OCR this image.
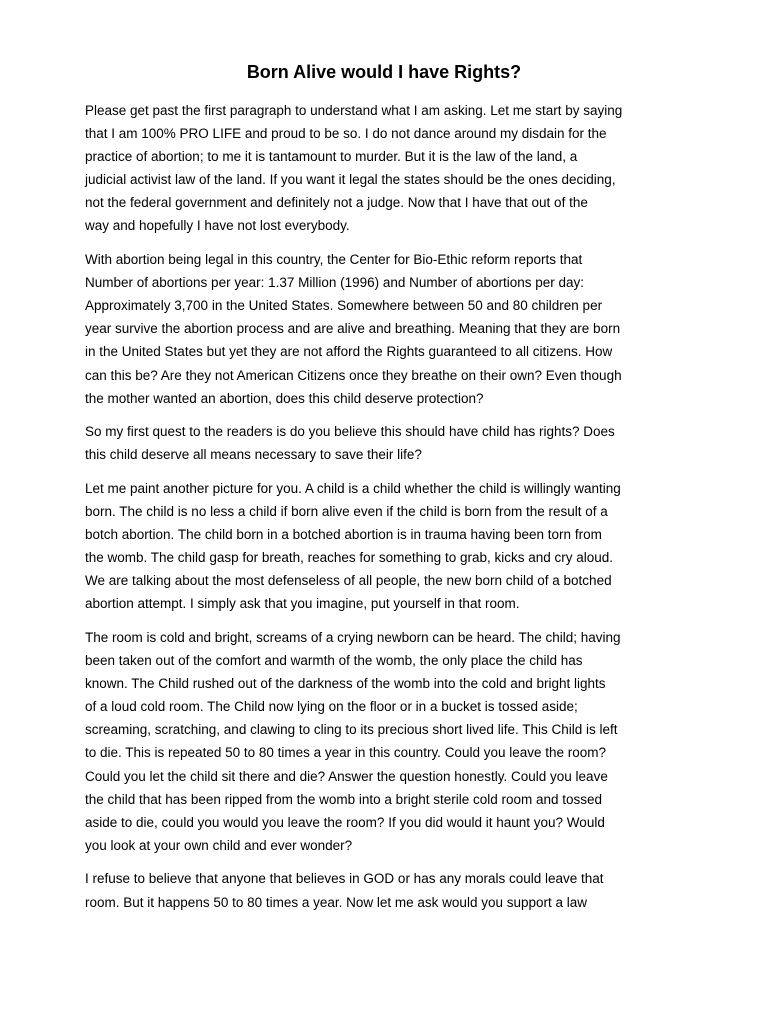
Born Alive would I have Rights?

Please get past the first paragraph to understand what I am asking. Let me start by saying
that I am 100% PRO LIFE and proud to be so. I do not dance around my disdain for the
practice of abortion; to me it is tantamount to murder. But it is the law of the land, a
judicial activist law of the land. If you want it legal the states should be the ones deciding,
not the federal government and definitely not a judge. Now that I have that out of the
way and hopefully I have not lost everybody.

With abortion being legal in this country, the Center for Bio-Ethic reform reports that
Number of abortions per year: 1.37 Million (1996) and Number of abortions per day:
Approximately 3,700 in the United States. Somewhere between 50 and 80 children per
year survive the abortion process and are alive and breathing. Meaning that they are born
in the United States but yet they are not afford the Rights guaranteed to all citizens. How
can this be? Are they not American Citizens once they breathe on their own? Even though
the mother wanted an abortion, does this child deserve protection?

So my first quest to the readers is do you believe this should have child has rights? Does
this child deserve all means necessary to save their life?

Let me paint another picture for you. A child is a child whether the child is willingly wanting
born. The child is no less a child if born alive even if the child is born from the result of a
botch abortion. The child born in a botched abortion is in trauma having been torn from
the womb. The child gasp for breath, reaches for something to grab, kicks and cry aloud.
We are talking about the most defenseless of all people, the new born child of a botched
abortion attempt. I simply ask that you imagine, put yourself in that room.

The room is cold and bright, screams of a crying newborn can be heard. The child; having
been taken out of the comfort and warmth of the womb, the only place the child has
known. The Child rushed out of the darkness of the womb into the cold and bright lights
of a loud cold room. The Child now lying on the floor or in a bucket is tossed aside;
screaming, scratching, and clawing to cling to its precious short lived life. This Child is left
to die. This is repeated 50 to 80 times a year in this country. Could you leave the room?
Could you let the child sit there and die? Answer the question honestly. Could you leave
the child that has been ripped from the womb into a bright sterile cold room and tossed
aside to die, could you would you leave the room? If you did would it haunt you? Would
you look at your own child and ever wonder?

I refuse to believe that anyone that believes in GOD or has any morals could leave that
room. But it happens 50 to 80 times a year. Now let me ask would you support a law
